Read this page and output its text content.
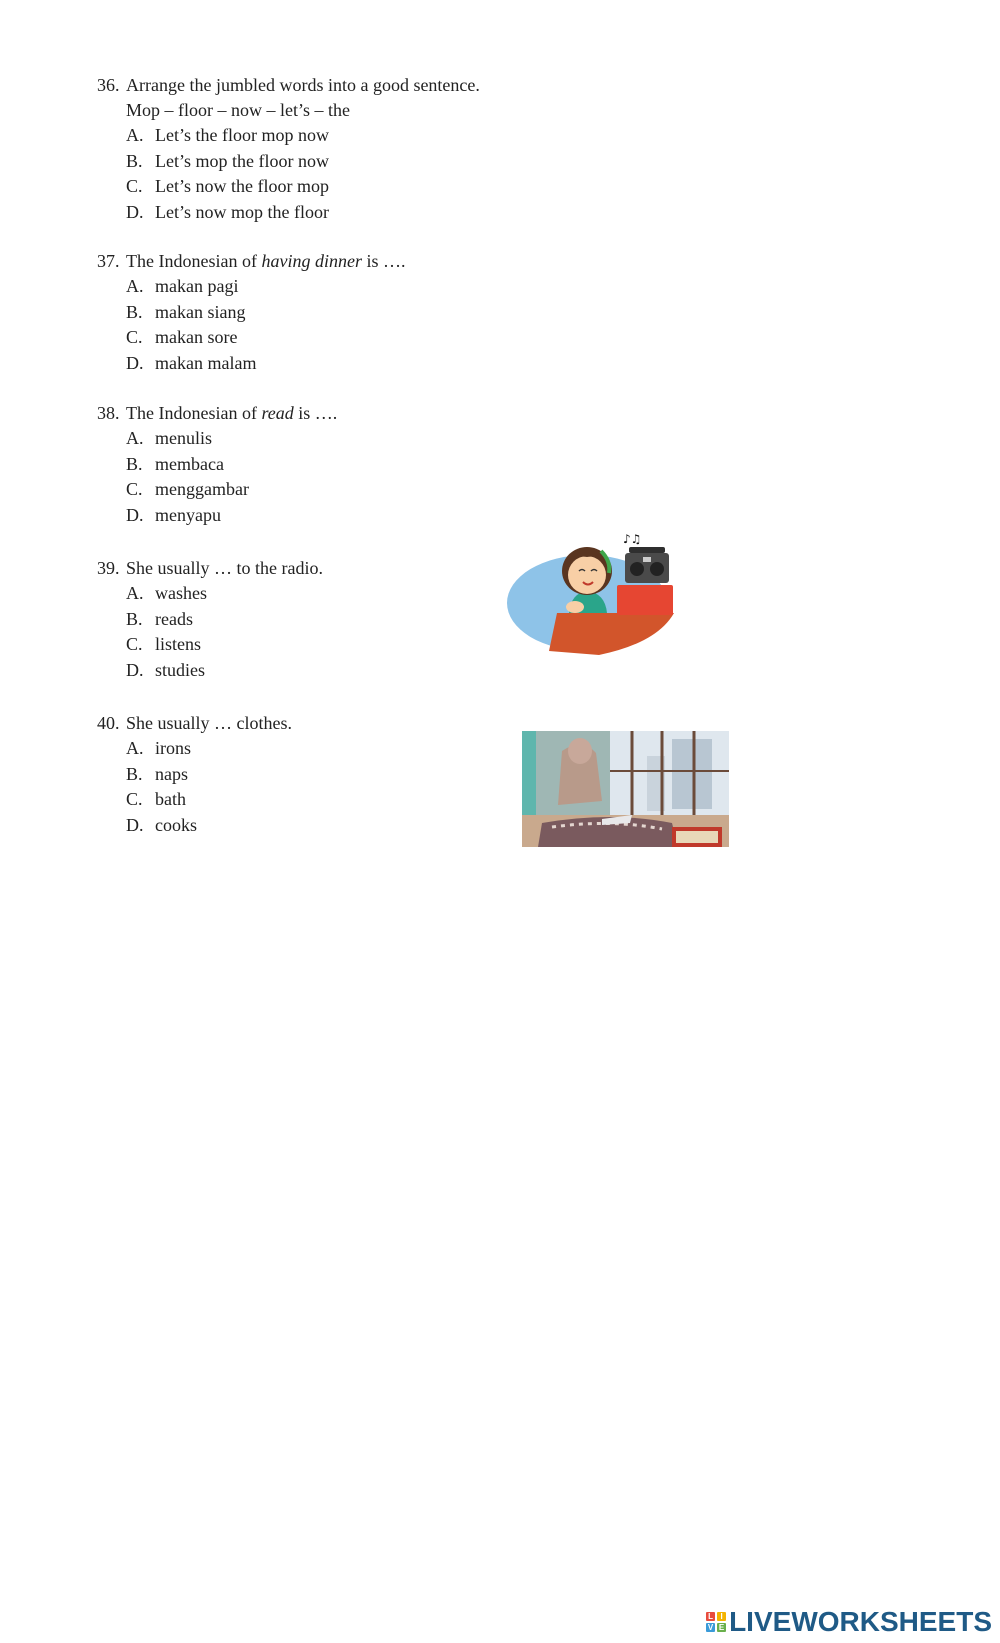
36. Arrange the jumbled words into a good sentence.
Mop – floor – now – let’s – the
A. Let’s the floor mop now
B. Let’s mop the floor now
C. Let’s now the floor mop
D. Let’s now mop the floor
37. The Indonesian of having dinner is ….
A. makan pagi
B. makan siang
C. makan sore
D. makan malam
38. The Indonesian of read is ….
A. menulis
B. membaca
C. menggambar
D. menyapu
39. She usually … to the radio.
A. washes
B. reads
C. listens
D. studies
40. She usually … clothes.
A. irons
B. naps
C. bath
D. cooks
♪♫
L I
V E LIVEWORKSHEETS
